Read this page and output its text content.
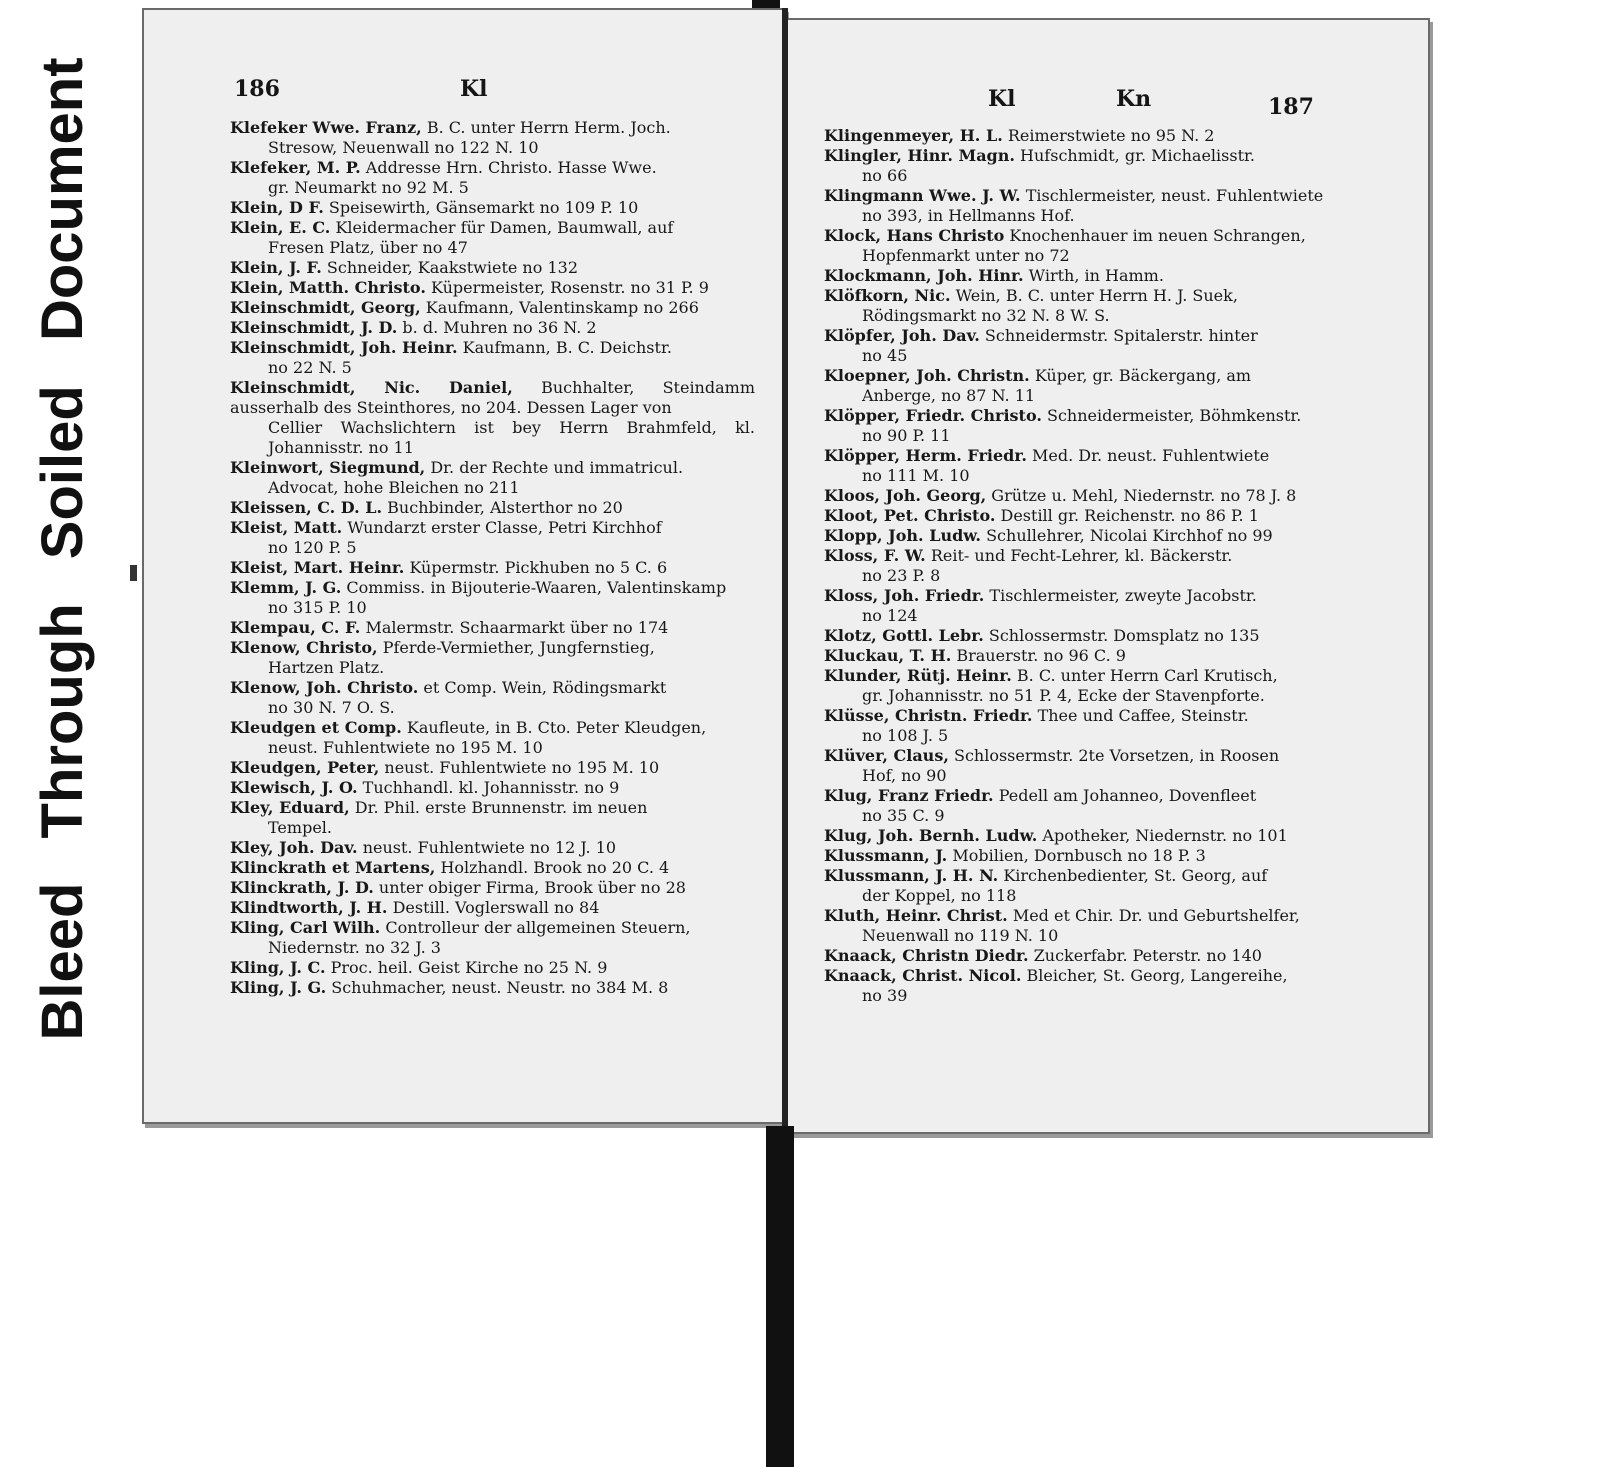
Bleed Through Soiled Document	186	Kl
Klefeker Wwe. Franz, B. C. unter Herrn Herm. Joch.
Stresow, Neuenwall no 122 N. 10
Klefeker, M. P. Addresse Hrn. Christo. Hasse Wwe.
gr. Neumarkt no 92 M. 5
Klein, D F. Speisewirth, Gänsemarkt no 109 P. 10
Klein, E. C. Kleidermacher für Damen, Baumwall, auf
Fresen Platz, über no 47
Klein, J. F. Schneider, Kaakstwiete no 132
Klein, Matth. Christo. Küpermeister, Rosenstr. no 31 P. 9
Kleinschmidt, Georg, Kaufmann, Valentinskamp no 266
Kleinschmidt, J. D. b. d. Muhren no 36 N. 2
Kleinschmidt, Joh. Heinr. Kaufmann, B. C. Deichstr.
no 22 N. 5
Kleinschmidt, Nic. Daniel, Buchhalter, Steindamm ausserhalb des Steinthores, no 204. Dessen Lager von
Cellier Wachslichtern ist bey Herrn Brahmfeld, kl. Johannisstr. no 11
Kleinwort, Siegmund, Dr. der Rechte und immatricul.
Advocat, hohe Bleichen no 211
Kleissen, C. D. L. Buchbinder, Alsterthor no 20
Kleist, Matt. Wundarzt erster Classe, Petri Kirchhof
no 120 P. 5
Kleist, Mart. Heinr. Küpermstr. Pickhuben no 5 C. 6
Klemm, J. G. Commiss. in Bijouterie-Waaren, Valentinskamp
no 315 P. 10
Klempau, C. F. Malermstr. Schaarmarkt über no 174
Klenow, Christo, Pferde-Vermiether, Jungfernstieg,
Hartzen Platz.
Klenow, Joh. Christo. et Comp. Wein, Rödingsmarkt
no 30 N. 7 O. S.
Kleudgen et Comp. Kaufleute, in B. Cto. Peter Kleudgen,
neust. Fuhlentwiete no 195 M. 10
Kleudgen, Peter, neust. Fuhlentwiete no 195 M. 10
Klewisch, J. O. Tuchhandl. kl. Johannisstr. no 9
Kley, Eduard, Dr. Phil. erste Brunnenstr. im neuen
Tempel.
Kley, Joh. Dav. neust. Fuhlentwiete no 12 J. 10
Klinckrath et Martens, Holzhandl. Brook no 20 C. 4
Klinckrath, J. D. unter obiger Firma, Brook über no 28
Klindtworth, J. H. Destill. Voglerswall no 84
Kling, Carl Wilh. Controlleur der allgemeinen Steuern,
Niedernstr. no 32 J. 3
Kling, J. C. Proc. heil. Geist Kirche no 25 N. 9
Kling, J. G. Schuhmacher, neust. Neustr. no 384 M. 8
Kl	Kn	187
Klingenmeyer, H. L. Reimerstwiete no 95 N. 2
Klingler, Hinr. Magn. Hufschmidt, gr. Michaelisstr.
no 66
Klingmann Wwe. J. W. Tischlermeister, neust. Fuhlentwiete
no 393, in Hellmanns Hof.
Klock, Hans Christo Knochenhauer im neuen Schrangen,
Hopfenmarkt unter no 72
Klockmann, Joh. Hinr. Wirth, in Hamm.
Klöfkorn, Nic. Wein, B. C. unter Herrn H. J. Suek,
Rödingsmarkt no 32 N. 8 W. S.
Klöpfer, Joh. Dav. Schneidermstr. Spitalerstr. hinter
no 45
Kloepner, Joh. Christn. Küper, gr. Bäckergang, am
Anberge, no 87 N. 11
Klöpper, Friedr. Christo. Schneidermeister, Böhmkenstr.
no 90 P. 11
Klöpper, Herm. Friedr. Med. Dr. neust. Fuhlentwiete
no 111 M. 10
Kloos, Joh. Georg, Grütze u. Mehl, Niedernstr. no 78 J. 8
Kloot, Pet. Christo. Destill gr. Reichenstr. no 86 P. 1
Klopp, Joh. Ludw. Schullehrer, Nicolai Kirchhof no 99
Kloss, F. W. Reit- und Fecht-Lehrer, kl. Bäckerstr.
no 23 P. 8
Kloss, Joh. Friedr. Tischlermeister, zweyte Jacobstr.
no 124
Klotz, Gottl. Lebr. Schlossermstr. Domsplatz no 135
Kluckau, T. H. Brauerstr. no 96 C. 9
Klunder, Rütj. Heinr. B. C. unter Herrn Carl Krutisch,
gr. Johannisstr. no 51 P. 4, Ecke der Stavenpforte.
Klüsse, Christn. Friedr. Thee und Caffee, Steinstr.
no 108 J. 5
Klüver, Claus, Schlossermstr. 2te Vorsetzen, in Roosen
Hof, no 90
Klug, Franz Friedr. Pedell am Johanneo, Dovenfleet
no 35 C. 9
Klug, Joh. Bernh. Ludw. Apotheker, Niedernstr. no 101
Klussmann, J. Mobilien, Dornbusch no 18 P. 3
Klussmann, J. H. N. Kirchenbedienter, St. Georg, auf
der Koppel, no 118
Kluth, Heinr. Christ. Med et Chir. Dr. und Geburtshelfer,
Neuenwall no 119 N. 10
Knaack, Christn Diedr. Zuckerfabr. Peterstr. no 140
Knaack, Christ. Nicol. Bleicher, St. Georg, Langereihe,
no 39
